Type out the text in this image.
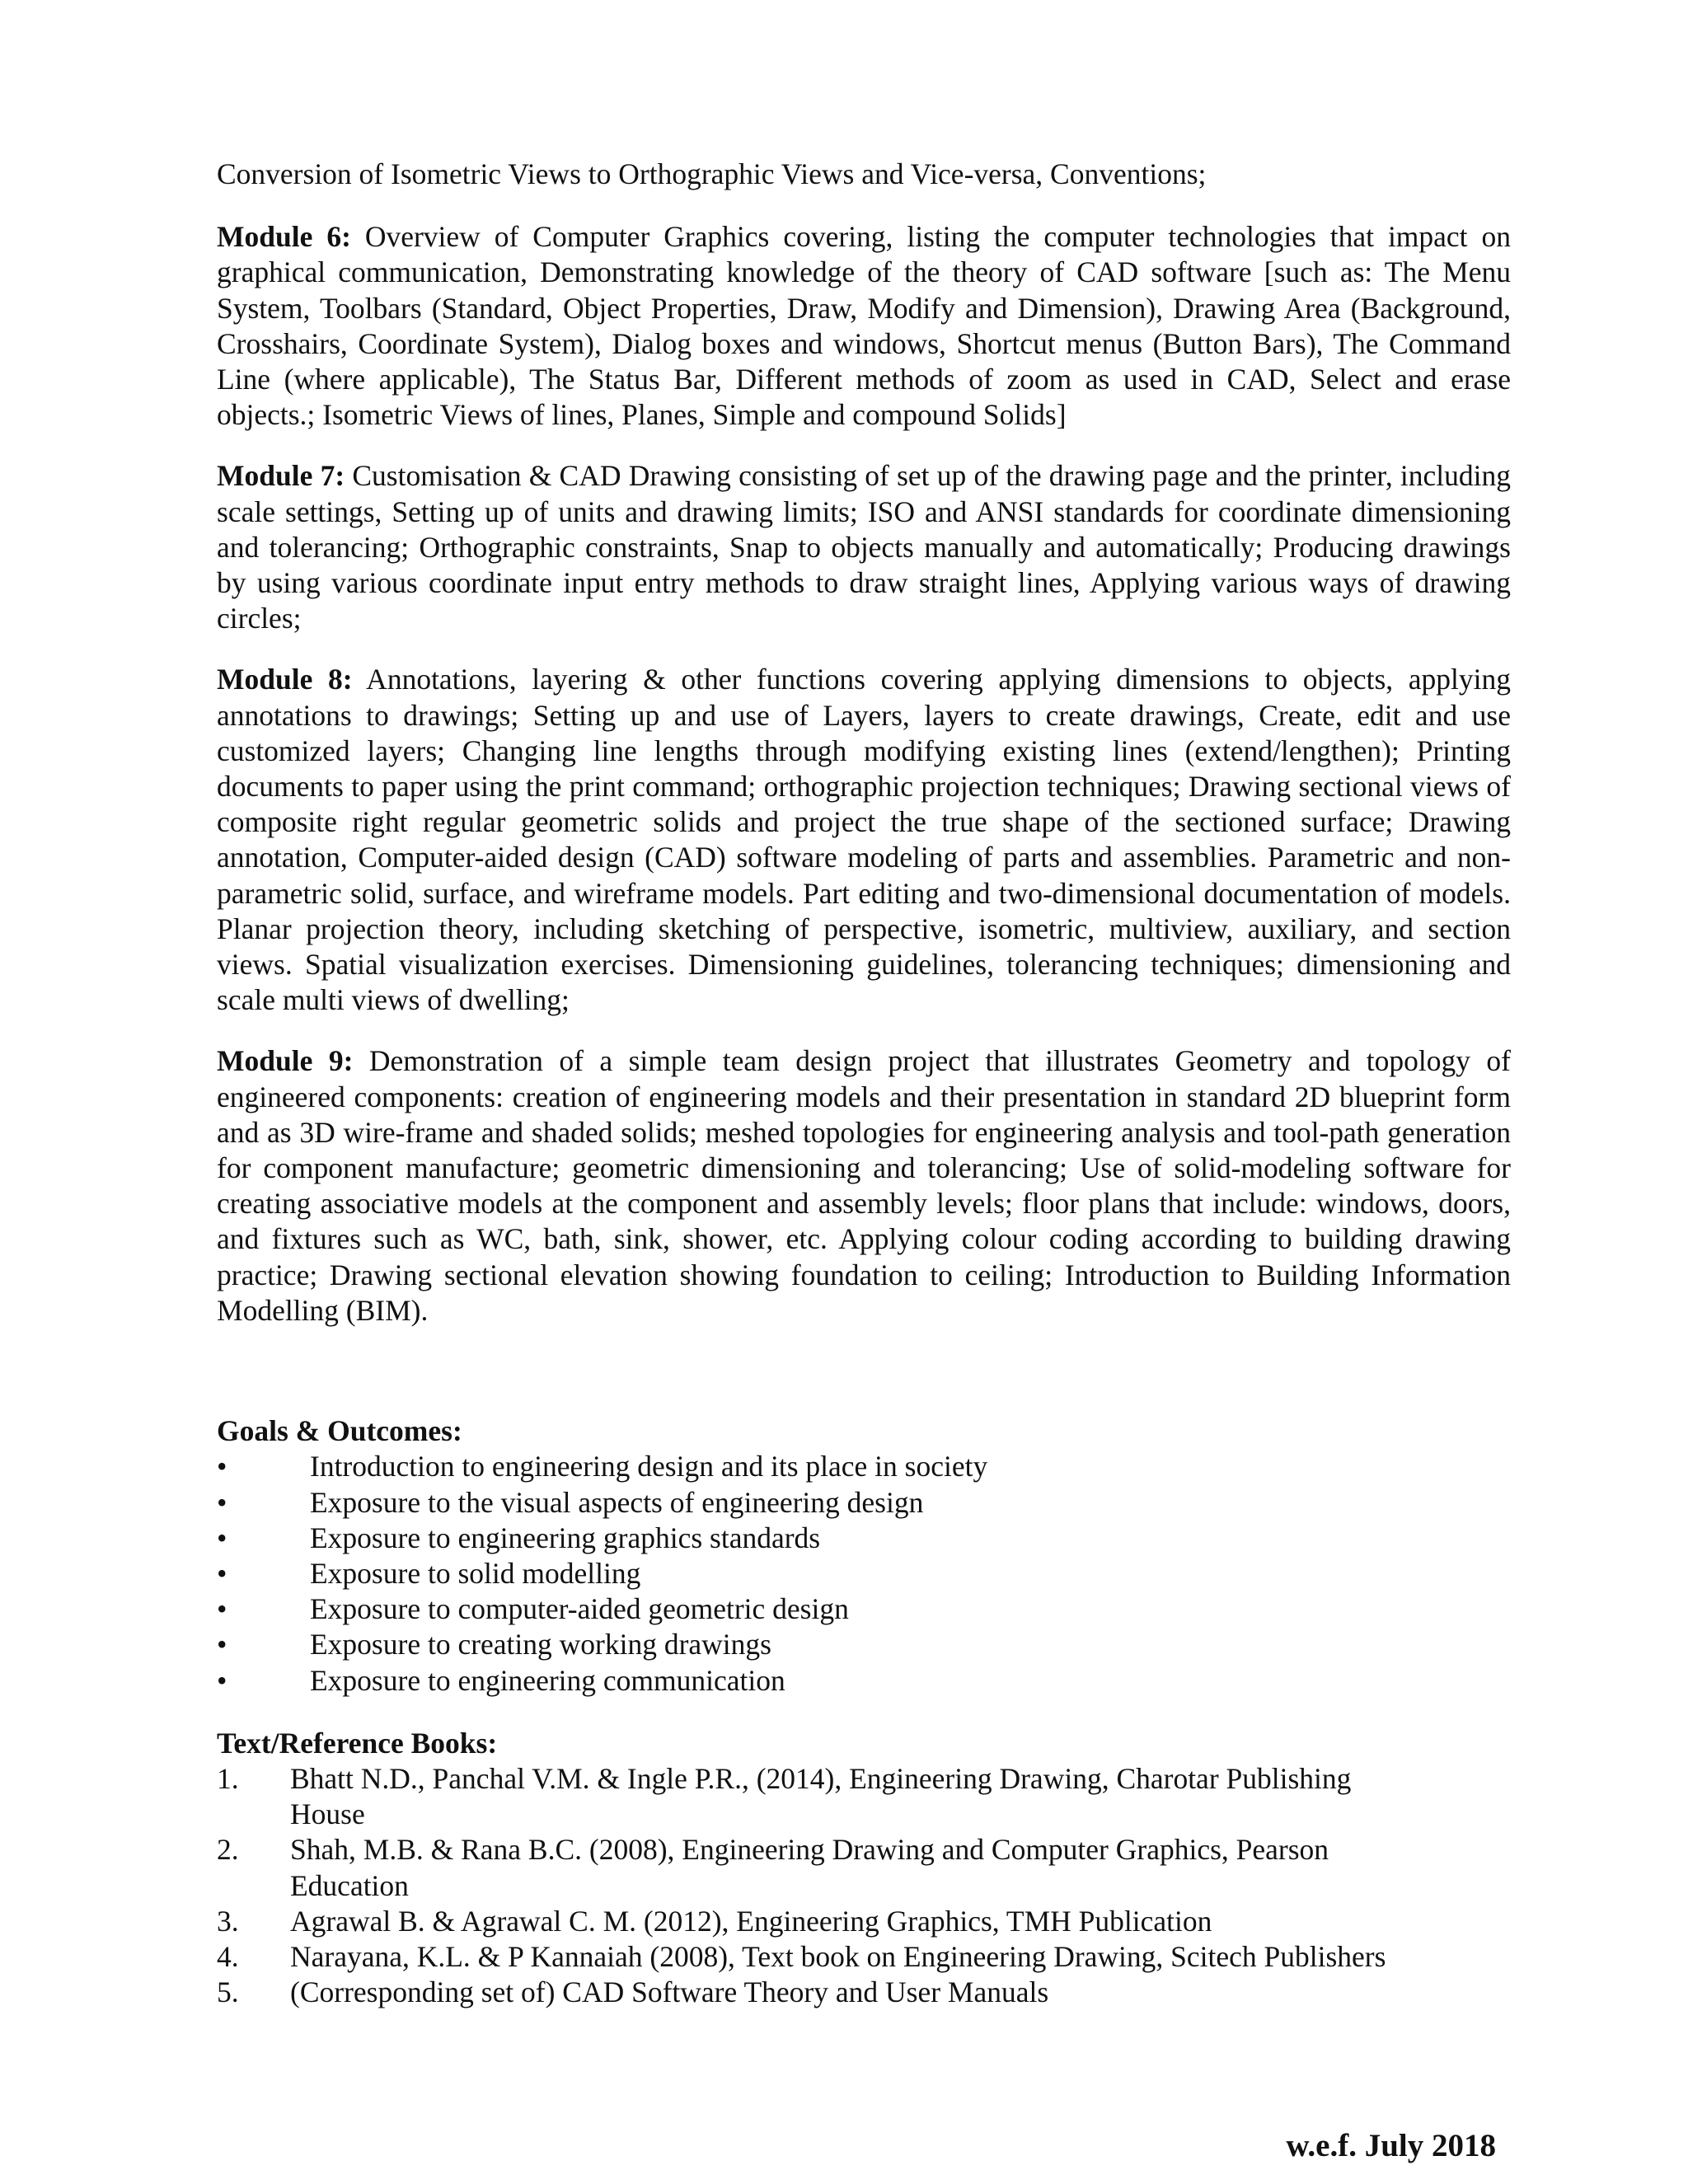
Conversion of Isometric Views to Orthographic Views and Vice-versa, Conventions;

Module 6: Overview of Computer Graphics covering, listing the computer technologies that impact on graphical communication, Demonstrating knowledge of the theory of CAD software [such as: The Menu System, Toolbars (Standard, Object Properties, Draw, Modify and Dimension), Drawing Area (Background, Crosshairs, Coordinate System), Dialog boxes and windows, Shortcut menus (Button Bars), The Command Line (where applicable), The Status Bar, Different methods of zoom as used in CAD, Select and erase objects.; Isometric Views of lines, Planes, Simple and compound Solids]

Module 7: Customisation & CAD Drawing consisting of set up of the drawing page and the printer, including scale settings, Setting up of units and drawing limits; ISO and ANSI standards for coordinate dimensioning and tolerancing; Orthographic constraints, Snap to objects manually and automatically; Producing drawings by using various coordinate input entry methods to draw straight lines, Applying various ways of drawing circles;

Module 8: Annotations, layering & other functions covering applying dimensions to objects, applying annotations to drawings; Setting up and use of Layers, layers to create drawings, Create, edit and use customized layers; Changing line lengths through modifying existing lines (extend/lengthen); Printing documents to paper using the print command; orthographic projection techniques; Drawing sectional views of composite right regular geometric solids and project the true shape of the sectioned surface; Drawing annotation, Computer-aided design (CAD) software modeling of parts and assemblies. Parametric and non-parametric solid, surface, and wireframe models. Part editing and two-dimensional documentation of models. Planar projection theory, including sketching of perspective, isometric, multiview, auxiliary, and section views. Spatial visualization exercises. Dimensioning guidelines, tolerancing techniques; dimensioning and scale multi views of dwelling;

Module 9: Demonstration of a simple team design project that illustrates Geometry and topology of engineered components: creation of engineering models and their presentation in standard 2D blueprint form and as 3D wire-frame and shaded solids; meshed topologies for engineering analysis and tool-path generation for component manufacture; geometric dimensioning and tolerancing; Use of solid-modeling software for creating associative models at the component and assembly levels; floor plans that include: windows, doors, and fixtures such as WC, bath, sink, shower, etc. Applying colour coding according to building drawing practice; Drawing sectional elevation showing foundation to ceiling; Introduction to Building Information Modelling (BIM).

Goals & Outcomes:

•	Introduction to engineering design and its place in society
•	Exposure to the visual aspects of engineering design
•	Exposure to engineering graphics standards
•	Exposure to solid modelling
•	Exposure to computer-aided geometric design
•	Exposure to creating working drawings
•	Exposure to engineering communication

Text/Reference Books:

1. Bhatt N.D., Panchal V.M. & Ingle P.R., (2014), Engineering Drawing, Charotar Publishing House
2. Shah, M.B. & Rana B.C. (2008), Engineering Drawing and Computer Graphics, Pearson Education
3. Agrawal B. & Agrawal C. M. (2012), Engineering Graphics, TMH Publication
4. Narayana, K.L. & P Kannaiah (2008), Text book on Engineering Drawing, Scitech Publishers
5. (Corresponding set of) CAD Software Theory and User Manuals
w.e.f. July 2018
